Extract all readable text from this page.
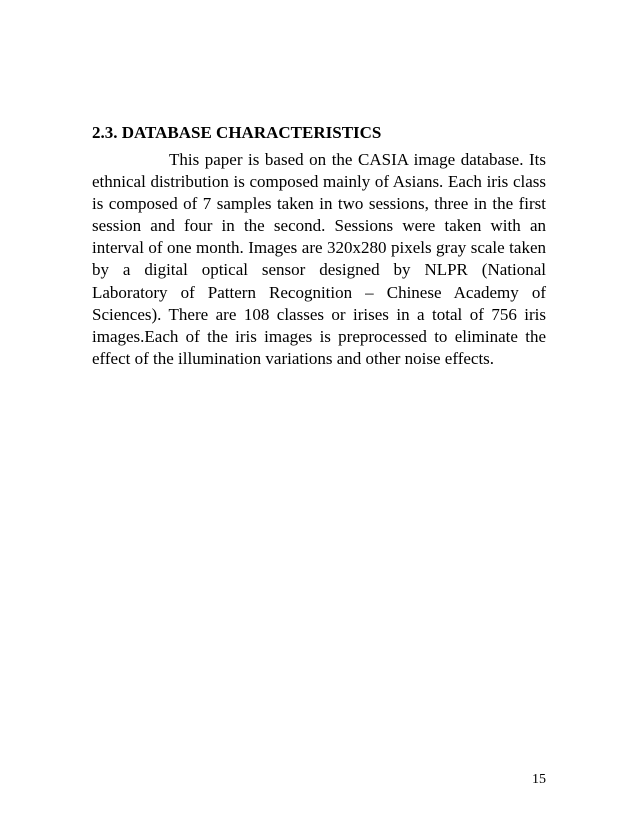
2.3. DATABASE CHARACTERISTICS

This paper is based on the CASIA image database. Its ethnical distribution is composed mainly of Asians. Each iris class is composed of 7 samples taken in two sessions, three in the first session and four in the second. Sessions were taken with an interval of one month. Images are 320x280 pixels gray scale taken by a digital optical sensor designed by NLPR (National Laboratory of Pattern Recognition – Chinese Academy of Sciences). There are 108 classes or irises in a total of 756 iris images.Each of the iris images is preprocessed to eliminate the effect of the illumination variations and other noise effects.

15
